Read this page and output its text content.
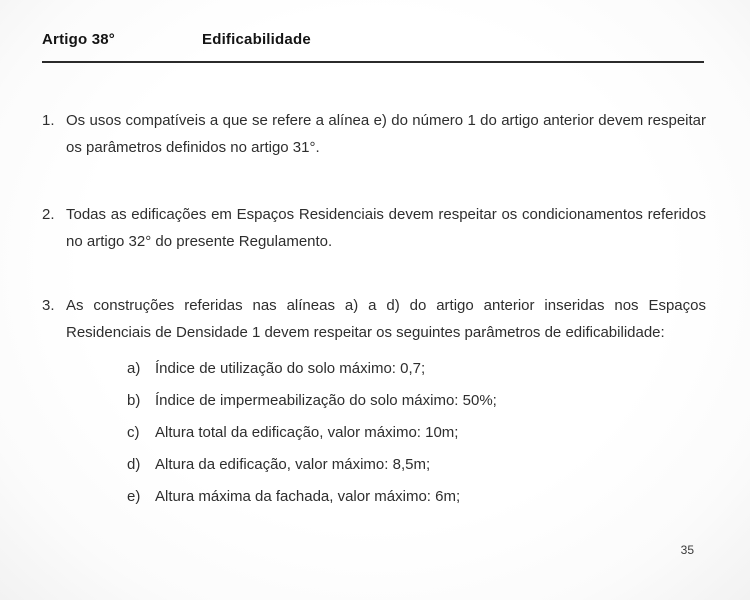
Artigo 38°	Edificabilidade
1. Os usos compatíveis a que se refere a alínea e) do número 1 do artigo anterior devem respeitar os parâmetros definidos no artigo 31°.
2. Todas as edificações em Espaços Residenciais devem respeitar os condicionamentos referidos no artigo 32° do presente Regulamento.
3. As construções referidas nas alíneas a) a d) do artigo anterior inseridas nos Espaços Residenciais de Densidade 1 devem respeitar os seguintes parâmetros de edificabilidade:
a) Índice de utilização do solo máximo: 0,7;
b) Índice de impermeabilização do solo máximo: 50%;
c)	Altura total da edificação, valor máximo: 10m;
d) Altura da edificação, valor máximo: 8,5m;
e) Altura máxima da fachada, valor máximo: 6m;
35
